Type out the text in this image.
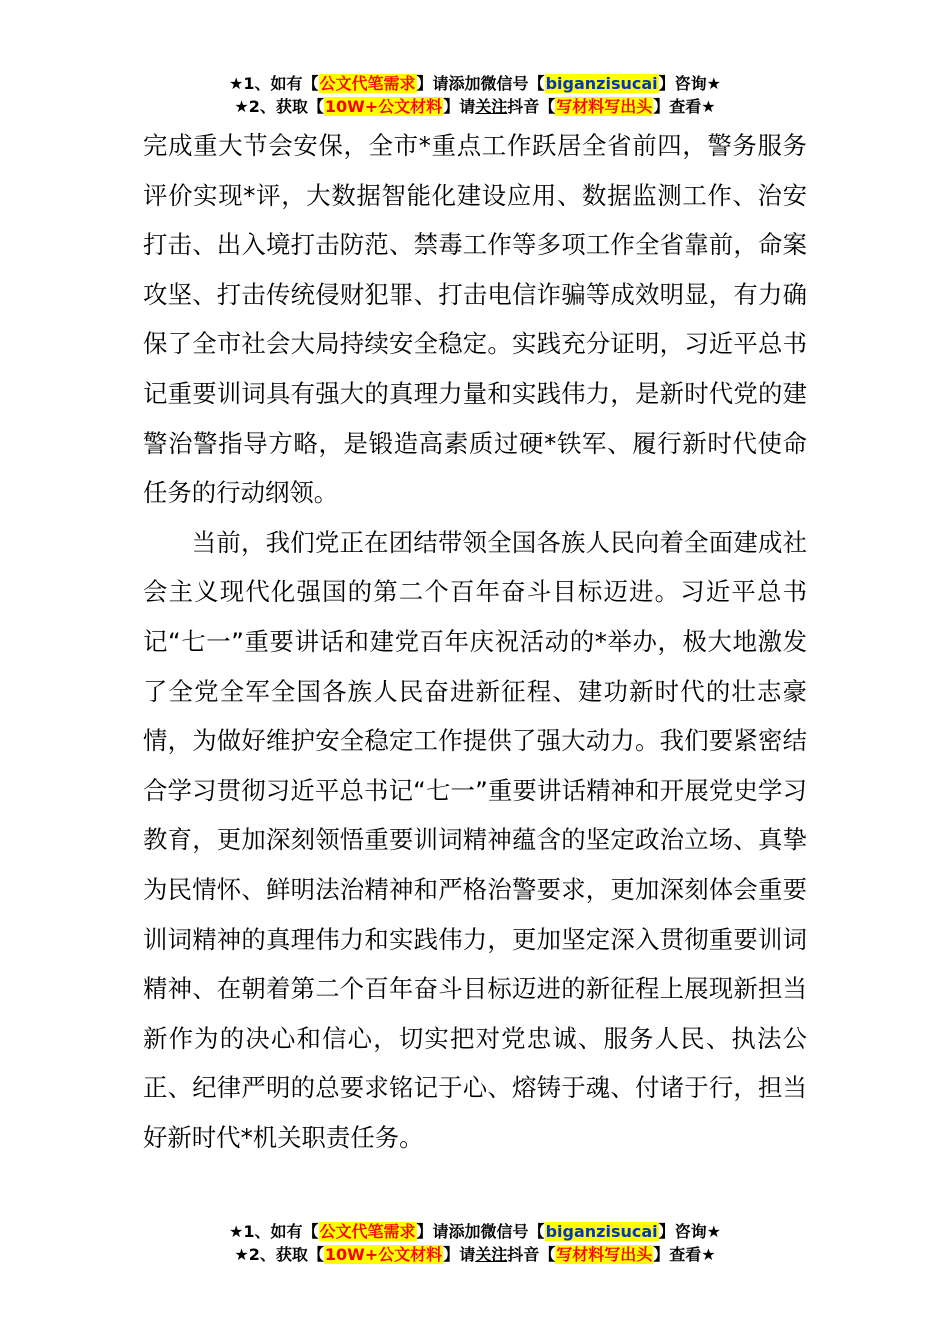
★1、如有【公文代笔需求】请添加微信号【biganzisucai】咨询★
★2、获取【10W+公文材料】请关注抖音【写材料写出头】查看★

完成重大节会安保，全市*重点工作跃居全省前四，警务服务评价实现*评，大数据智能化建设应用、数据监测工作、治安打击、出入境打击防范、禁毒工作等多项工作全省靠前，命案攻坚、打击传统侵财犯罪、打击电信诈骗等成效明显，有力确保了全市社会大局持续安全稳定。实践充分证明，习近平总书记重要训词具有强大的真理力量和实践伟力，是新时代党的建警治警指导方略，是锻造高素质过硬*铁军、履行新时代使命任务的行动纲领。

当前，我们党正在团结带领全国各族人民向着全面建成社会主义现代化强国的第二个百年奋斗目标迈进。习近平总书记“七一”重要讲话和建党百年庆祝活动的*举办，极大地激发了全党全军全国各族人民奋进新征程、建功新时代的壮志豪情，为做好维护安全稳定工作提供了强大动力。我们要紧密结合学习贯彻习近平总书记“七一”重要讲话精神和开展党史学习教育，更加深刻领悟重要训词精神蕴含的坚定政治立场、真挚为民情怀、鲜明法治精神和严格治警要求，更加深刻体会重要训词精神的真理伟力和实践伟力，更加坚定深入贯彻重要训词精神、在朝着第二个百年奋斗目标迈进的新征程上展现新担当新作为的决心和信心，切实把对党忠诚、服务人民、执法公正、纪律严明的总要求铭记于心、熔铸于魂、付诸于行，担当好新时代*机关职责任务。

★1、如有【公文代笔需求】请添加微信号【biganzisucai】咨询★
★2、获取【10W+公文材料】请关注抖音【写材料写出头】查看★
